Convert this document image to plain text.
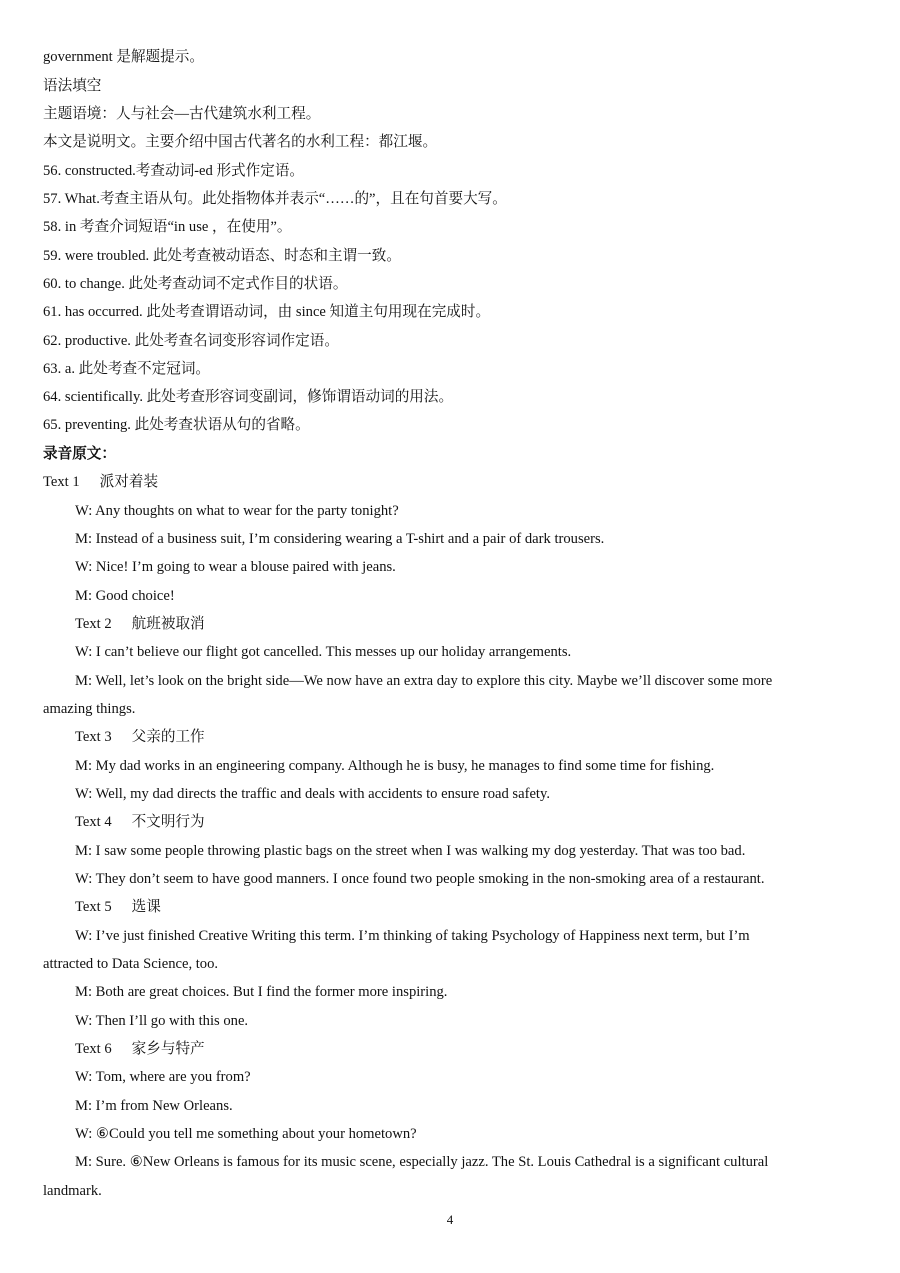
government 是解题提示。
语法填空
主题语境：人与社会—古代建筑水利工程。
本文是说明文。主要介绍中国古代著名的水利工程：都江堰。
56. constructed.考查动词-ed 形式作定语。
57. What.考查主语从句。此处指物体并表示“……的”，且在句首要大写。
58. in 考查介词短语“in use ，在使用”。
59. were troubled. 此处考查被动语态、时态和主谓一致。
60. to change. 此处考查动词不定式作目的状语。
61. has occurred. 此处考查谓语动词，由 since 知道主句用现在完成时。
62. productive. 此处考查名词变形容词作定语。
63. a. 此处考查不定冠词。
64. scientifically. 此处考查形容词变副词，修饰谓语动词的用法。
65. preventing. 此处考查状语从句的省略。
录音原文：
Text 1 派对着装
W: Any thoughts on what to wear for the party tonight?
M: Instead of a business suit, I’m considering wearing a T-shirt and a pair of dark trousers.
W: Nice! I’m going to wear a blouse paired with jeans.
M: Good choice!
Text 2 航班被取消
W: I can’t believe our flight got cancelled. This messes up our holiday arrangements.
M: Well, let’s look on the bright side—We now have an extra day to explore this city. Maybe we’ll discover some more
amazing things.
Text 3 父亲的工作
M: My dad works in an engineering company. Although he is busy, he manages to find some time for fishing.
W: Well, my dad directs the traffic and deals with accidents to ensure road safety.
Text 4 不文明行为
M: I saw some people throwing plastic bags on the street when I was walking my dog yesterday. That was too bad.
W: They don’t seem to have good manners. I once found two people smoking in the non-smoking area of a restaurant.
Text 5 选课
W: I’ve just finished Creative Writing this term. I’m thinking of taking Psychology of Happiness next term, but I’m
attracted to Data Science, too.
M: Both are great choices. But I find the former more inspiring.
W: Then I’ll go with this one.
Text 6 家乡与特产
W: Tom, where are you from?
M: I’m from New Orleans.
W: ⑥Could you tell me something about your hometown?
M: Sure. ⑥New Orleans is famous for its music scene, especially jazz. The St. Louis Cathedral is a significant cultural
landmark.
4
